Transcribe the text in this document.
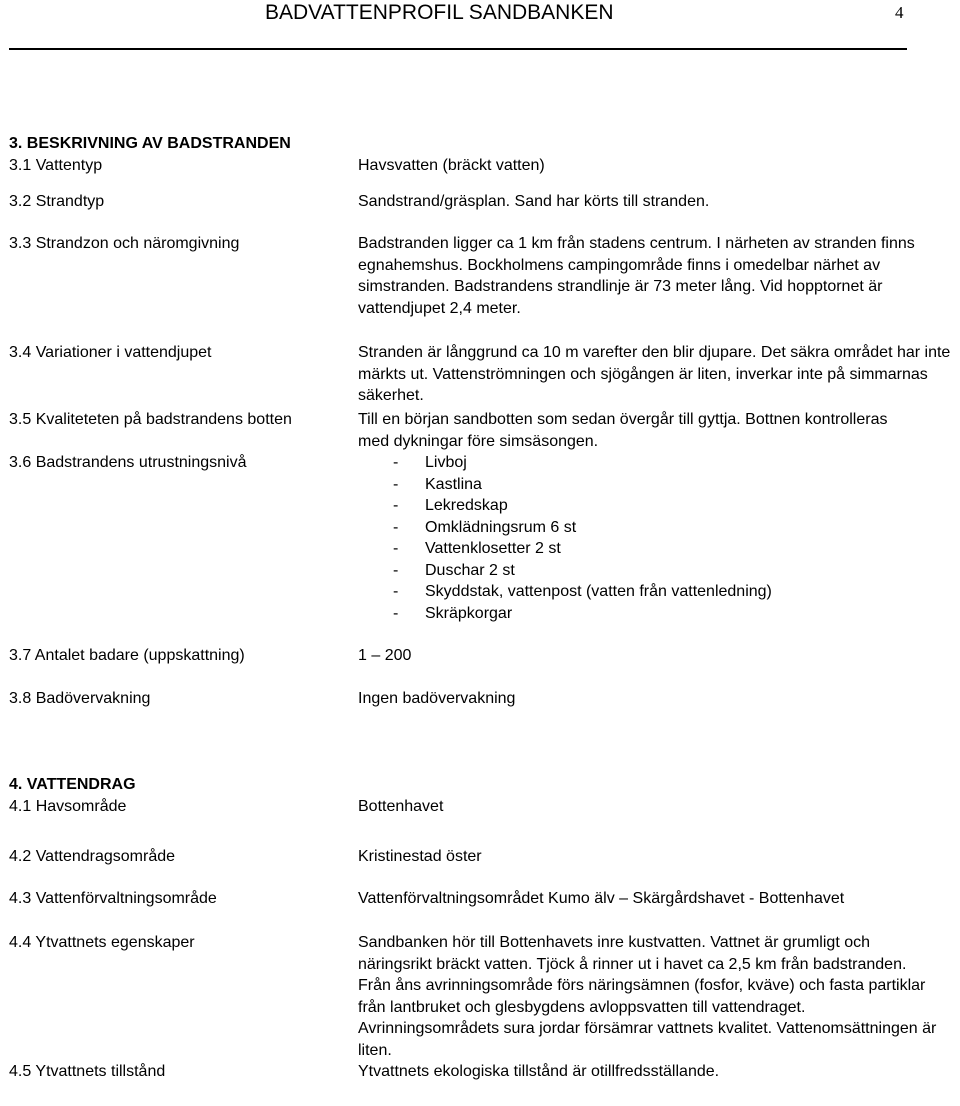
BADVATTENPROFIL SANDBANKEN	4
3. BESKRIVNING AV BADSTRANDEN
3.1 Vattentyp	Havsvatten (bräckt vatten)
3.2 Strandtyp	Sandstrand/gräsplan. Sand har körts till stranden.
3.3 Strandzon och näromgivning	Badstranden ligger ca 1 km från stadens centrum. I närheten av stranden finns egnahemshus. Bockholmens campingområde finns i omedelbar närhet av simstranden. Badstrandens strandlinje är 73 meter lång. Vid hopptornet är vattendjupet 2,4 meter.
3.4 Variationer i vattendjupet	Stranden är långgrund ca 10 m varefter den blir djupare. Det säkra området har inte märkts ut. Vattenströmningen och sjögången är liten, inverkar inte på simmarnas säkerhet.
3.5 Kvaliteteten på badstrandens botten	Till en början sandbotten som sedan övergår till gyttja. Bottnen kontrolleras med dykningar före simsäsongen.
3.6 Badstrandens utrustningsnivå	-	Livboj
-	Kastlina
-	Lekredskap
-	Omklädningsrum 6 st
-	Vattenklosetter 2 st
-	Duschar 2 st
-	Skyddstak, vattenpost (vatten från vattenledning)
-	Skräpkorgar
3.7 Antalet badare (uppskattning)	1 – 200
3.8 Badövervakning	Ingen badövervakning
4. VATTENDRAG
4.1 Havsområde	Bottenhavet
4.2 Vattendragsområde	Kristinestad öster
4.3 Vattenförvaltningsområde	Vattenförvaltningsområdet Kumo älv – Skärgårdshavet - Bottenhavet
4.4 Ytvattnets egenskaper	Sandbanken hör till Bottenhavets inre kustvatten. Vattnet är grumligt och näringsrikt bräckt vatten. Tjöck å rinner ut i havet ca 2,5 km från badstranden. Från åns avrinningsområde förs näringsämnen (fosfor, kväve) och fasta partiklar från lantbruket och glesbygdens avloppsvatten till vattendraget. Avrinningsområdets sura jordar försämrar vattnets kvalitet. Vattenomsättningen är liten.
4.5 Ytvattnets tillstånd	Ytvattnets ekologiska tillstånd är otillfredsställande.
